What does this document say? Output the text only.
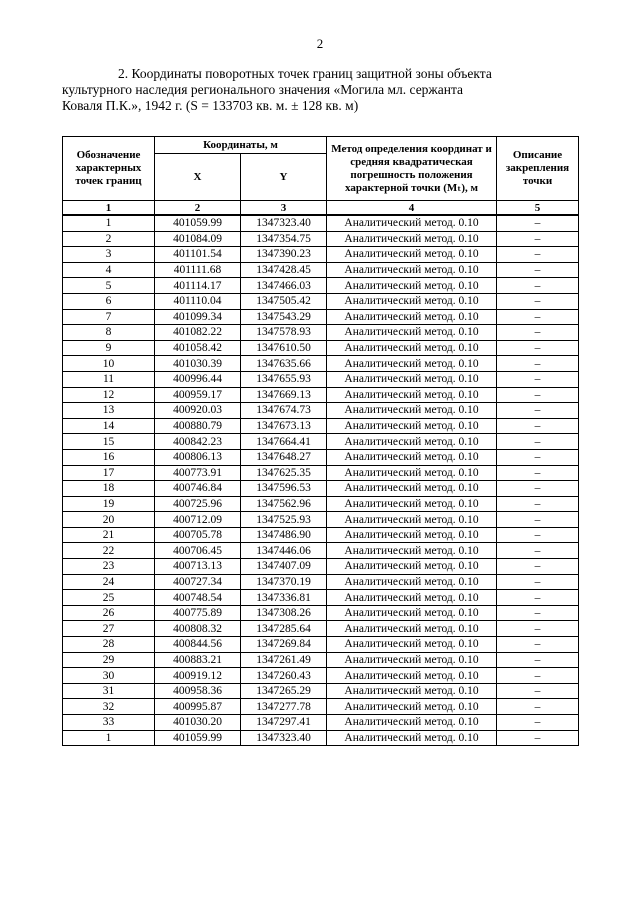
2
2. Координаты поворотных точек границ защитной зоны объекта
культурного наследия регионального значения «Могила мл. сержанта
Коваля П.К.», 1942 г. (S = 133703 кв. м. ± 128 кв. м)
Обозначение характерных точек границ	Координаты, м		Метод определения координат и средняя квадратическая погрешность положения характерной точки (Mₜ), м	Описание закрепления точки
	X	Y		
1	2	3	4	5
1	401059.99	1347323.40	Аналитический метод. 0.10	–
2	401084.09	1347354.75	Аналитический метод. 0.10	–
3	401101.54	1347390.23	Аналитический метод. 0.10	–
4	401111.68	1347428.45	Аналитический метод. 0.10	–
5	401114.17	1347466.03	Аналитический метод. 0.10	–
6	401110.04	1347505.42	Аналитический метод. 0.10	–
7	401099.34	1347543.29	Аналитический метод. 0.10	–
8	401082.22	1347578.93	Аналитический метод. 0.10	–
9	401058.42	1347610.50	Аналитический метод. 0.10	–
10	401030.39	1347635.66	Аналитический метод. 0.10	–
11	400996.44	1347655.93	Аналитический метод. 0.10	–
12	400959.17	1347669.13	Аналитический метод. 0.10	–
13	400920.03	1347674.73	Аналитический метод. 0.10	–
14	400880.79	1347673.13	Аналитический метод. 0.10	–
15	400842.23	1347664.41	Аналитический метод. 0.10	–
16	400806.13	1347648.27	Аналитический метод. 0.10	–
17	400773.91	1347625.35	Аналитический метод. 0.10	–
18	400746.84	1347596.53	Аналитический метод. 0.10	–
19	400725.96	1347562.96	Аналитический метод. 0.10	–
20	400712.09	1347525.93	Аналитический метод. 0.10	–
21	400705.78	1347486.90	Аналитический метод. 0.10	–
22	400706.45	1347446.06	Аналитический метод. 0.10	–
23	400713.13	1347407.09	Аналитический метод. 0.10	–
24	400727.34	1347370.19	Аналитический метод. 0.10	–
25	400748.54	1347336.81	Аналитический метод. 0.10	–
26	400775.89	1347308.26	Аналитический метод. 0.10	–
27	400808.32	1347285.64	Аналитический метод. 0.10	–
28	400844.56	1347269.84	Аналитический метод. 0.10	–
29	400883.21	1347261.49	Аналитический метод. 0.10	–
30	400919.12	1347260.43	Аналитический метод. 0.10	–
31	400958.36	1347265.29	Аналитический метод. 0.10	–
32	400995.87	1347277.78	Аналитический метод. 0.10	–
33	401030.20	1347297.41	Аналитический метод. 0.10	–
1	401059.99	1347323.40	Аналитический метод. 0.10	–
